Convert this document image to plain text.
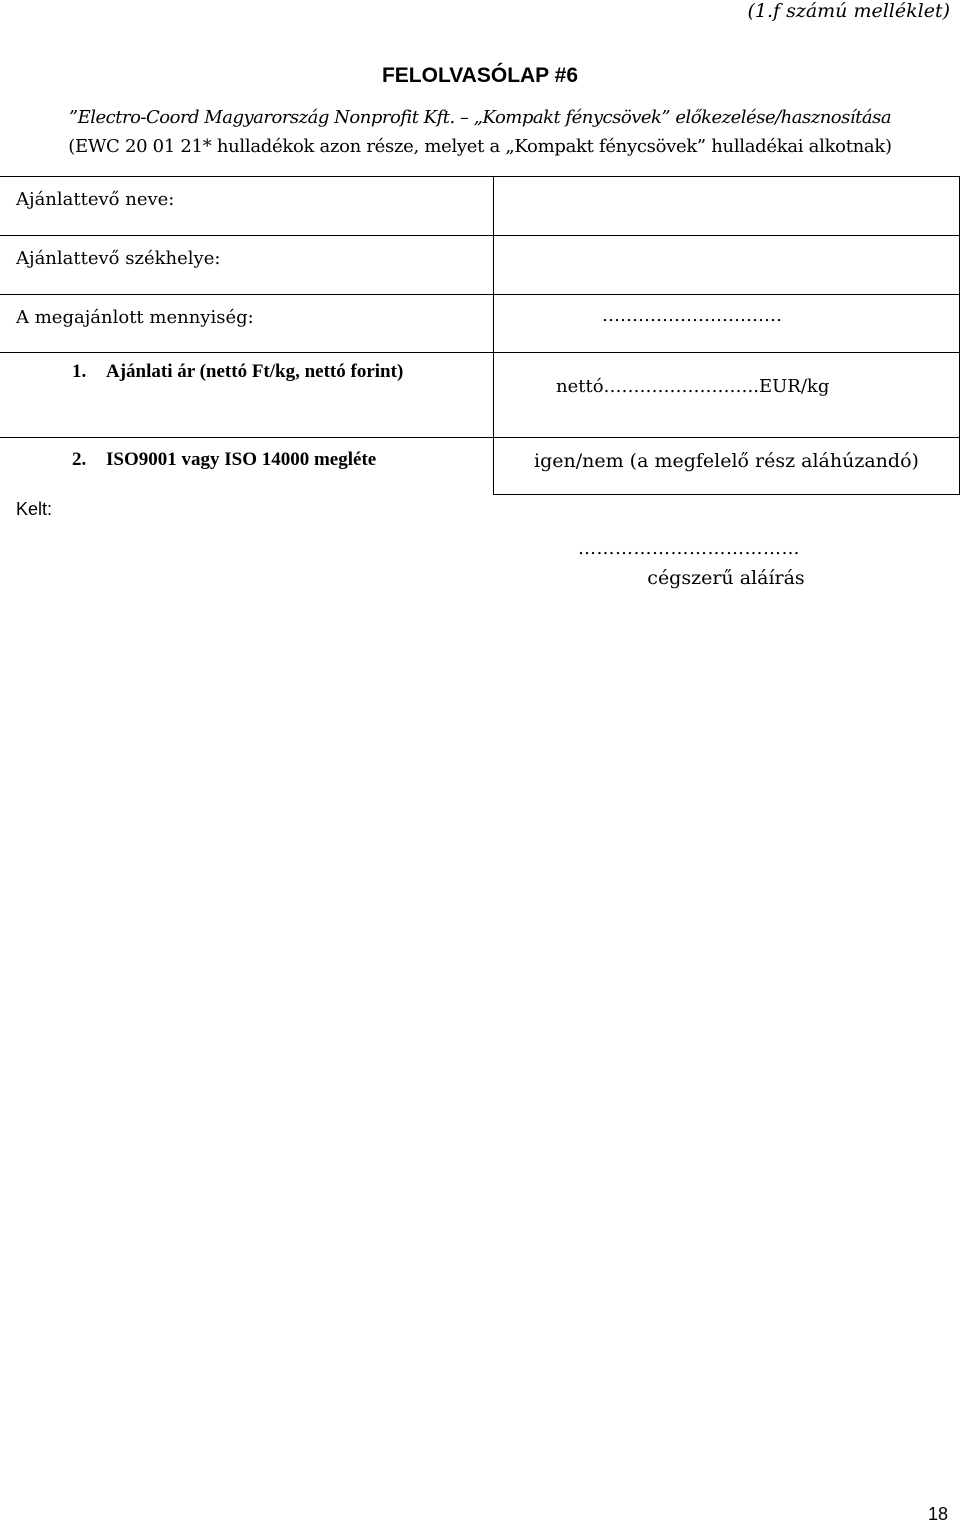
(1.f számú melléklet)
FELOLVASÓLAP #6
”Electro-Coord Magyarország Nonprofit Kft. – „Kompakt fénycsövek” előkezelése/hasznosítása
(EWC 20 01 21* hulladékok azon része, melyet a „Kompakt fénycsövek” hulladékai alkotnak)
Ajánlattevő neve:
Ajánlattevő székhelye:
A megajánlott mennyiség:	…………………………
1. Ajánlati ár (nettó Ft/kg, nettó forint)
nettó……………………..EUR/kg
2. ISO9001 vagy ISO 14000 megléte	igen/nem (a megfelelő rész aláhúzandó)
Kelt:
………………………………
cégszerű aláírás
18
